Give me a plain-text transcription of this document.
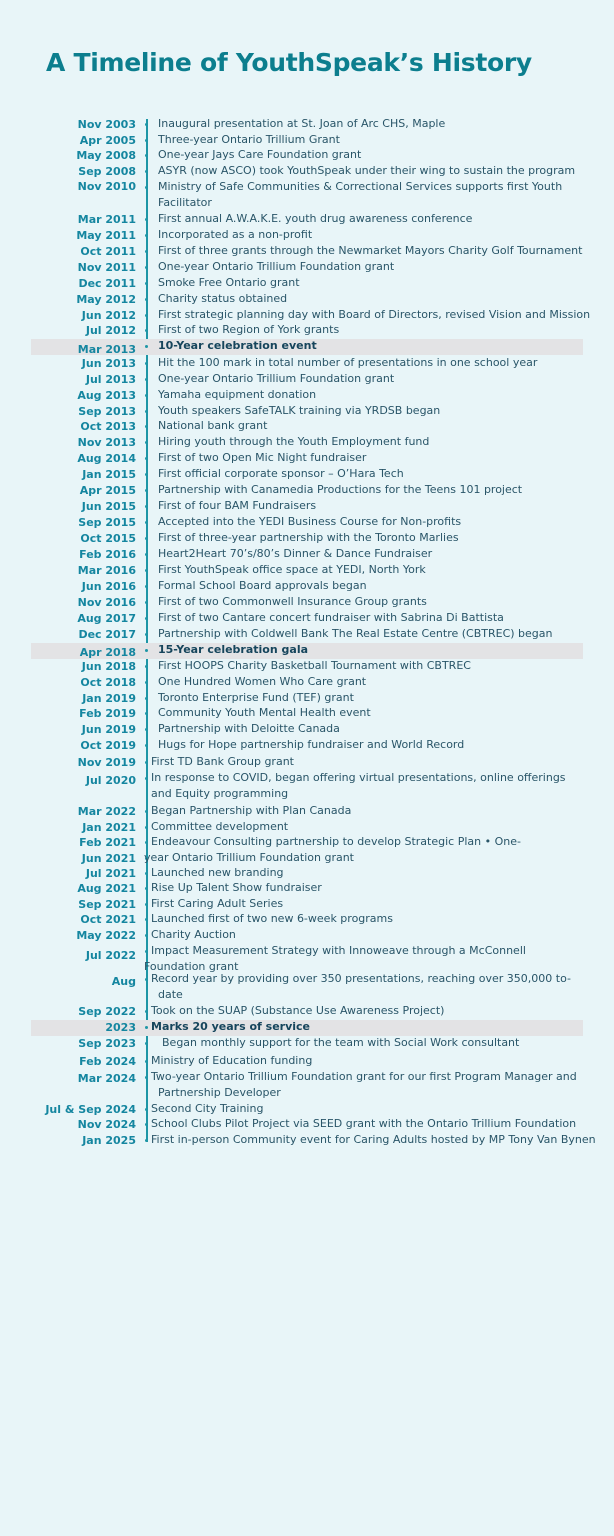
A Timeline of YouthSpeak’s History
Nov 2003 Inaugural presentation at St. Joan of Arc CHS, Maple
Apr 2005 Three-year Ontario Trillium Grant
May 2008 One-year Jays Care Foundation grant
Sep 2008 ASYR (now ASCO) took YouthSpeak under their wing to sustain the program
Nov 2010 Ministry of Safe Communities & Correctional Services supports first Youth
Facilitator
Mar 2011 First annual A.W.A.K.E. youth drug awareness conference
May 2011 Incorporated as a non-profit
Oct 2011 First of three grants through the Newmarket Mayors Charity Golf Tournament
Nov 2011 One-year Ontario Trillium Foundation grant
Dec 2011 Smoke Free Ontario grant
May 2012 Charity status obtained
Jun 2012 First strategic planning day with Board of Directors, revised Vision and Mission
Jul 2012 First of two Region of York grants
Mar 2013 10-Year celebration event
Jun 2013 Hit the 100 mark in total number of presentations in one school year
Jul 2013 One-year Ontario Trillium Foundation grant
Aug 2013 Yamaha equipment donation
Sep 2013 Youth speakers SafeTALK training via YRDSB began
Oct 2013 National bank grant
Nov 2013 Hiring youth through the Youth Employment fund
Aug 2014 First of two Open Mic Night fundraiser
Jan 2015 First official corporate sponsor – O’Hara Tech
Apr 2015 Partnership with Canamedia Productions for the Teens 101 project
Jun 2015 First of four BAM Fundraisers
Sep 2015 Accepted into the YEDI Business Course for Non-profits
Oct 2015 First of three-year partnership with the Toronto Marlies
Feb 2016 Heart2Heart 70’s/80’s Dinner & Dance Fundraiser
Mar 2016 First YouthSpeak office space at YEDI, North York
Jun 2016 Formal School Board approvals began
Nov 2016 First of two Commonwell Insurance Group grants
Aug 2017 First of two Cantare concert fundraiser with Sabrina Di Battista
Dec 2017 Partnership with Coldwell Bank The Real Estate Centre (CBTREC) began
Apr 2018 15-Year celebration gala
Jun 2018 First HOOPS Charity Basketball Tournament with CBTREC
Oct 2018 One Hundred Women Who Care grant
Jan 2019 Toronto Enterprise Fund (TEF) grant
Feb 2019 Community Youth Mental Health event
Jun 2019 Partnership with Deloitte Canada
Oct 2019 Hugs for Hope partnership fundraiser and World Record
Nov 2019 First TD Bank Group grant
Jul 2020 In response to COVID, began offering virtual presentations, online offerings
and Equity programming
Mar 2022 Began Partnership with Plan Canada
Jan 2021 Committee development
Feb 2021 Endeavour Consulting partnership to develop Strategic Plan • One-
Jun 2021 year Ontario Trillium Foundation grant
Jul 2021 Launched new branding
Aug 2021 Rise Up Talent Show fundraiser
Sep 2021 First Caring Adult Series
Oct 2021 Launched first of two new 6-week programs
May 2022 Charity Auction
Jul 2022 Impact Measurement Strategy with Innoweave through a McConnell
Foundation grant
Aug Record year by providing over 350 presentations, reaching over 350,000 to-
date
Sep 2022 Took on the SUAP (Substance Use Awareness Project)
2023 Marks 20 years of service
Sep 2023 Began monthly support for the team with Social Work consultant
Feb 2024 Ministry of Education funding
Mar 2024 Two-year Ontario Trillium Foundation grant for our first Program Manager and
Partnership Developer
Jul & Sep 2024 Second City Training
Nov 2024 School Clubs Pilot Project via SEED grant with the Ontario Trillium Foundation
Jan 2025 First in-person Community event for Caring Adults hosted by MP Tony Van Bynen
